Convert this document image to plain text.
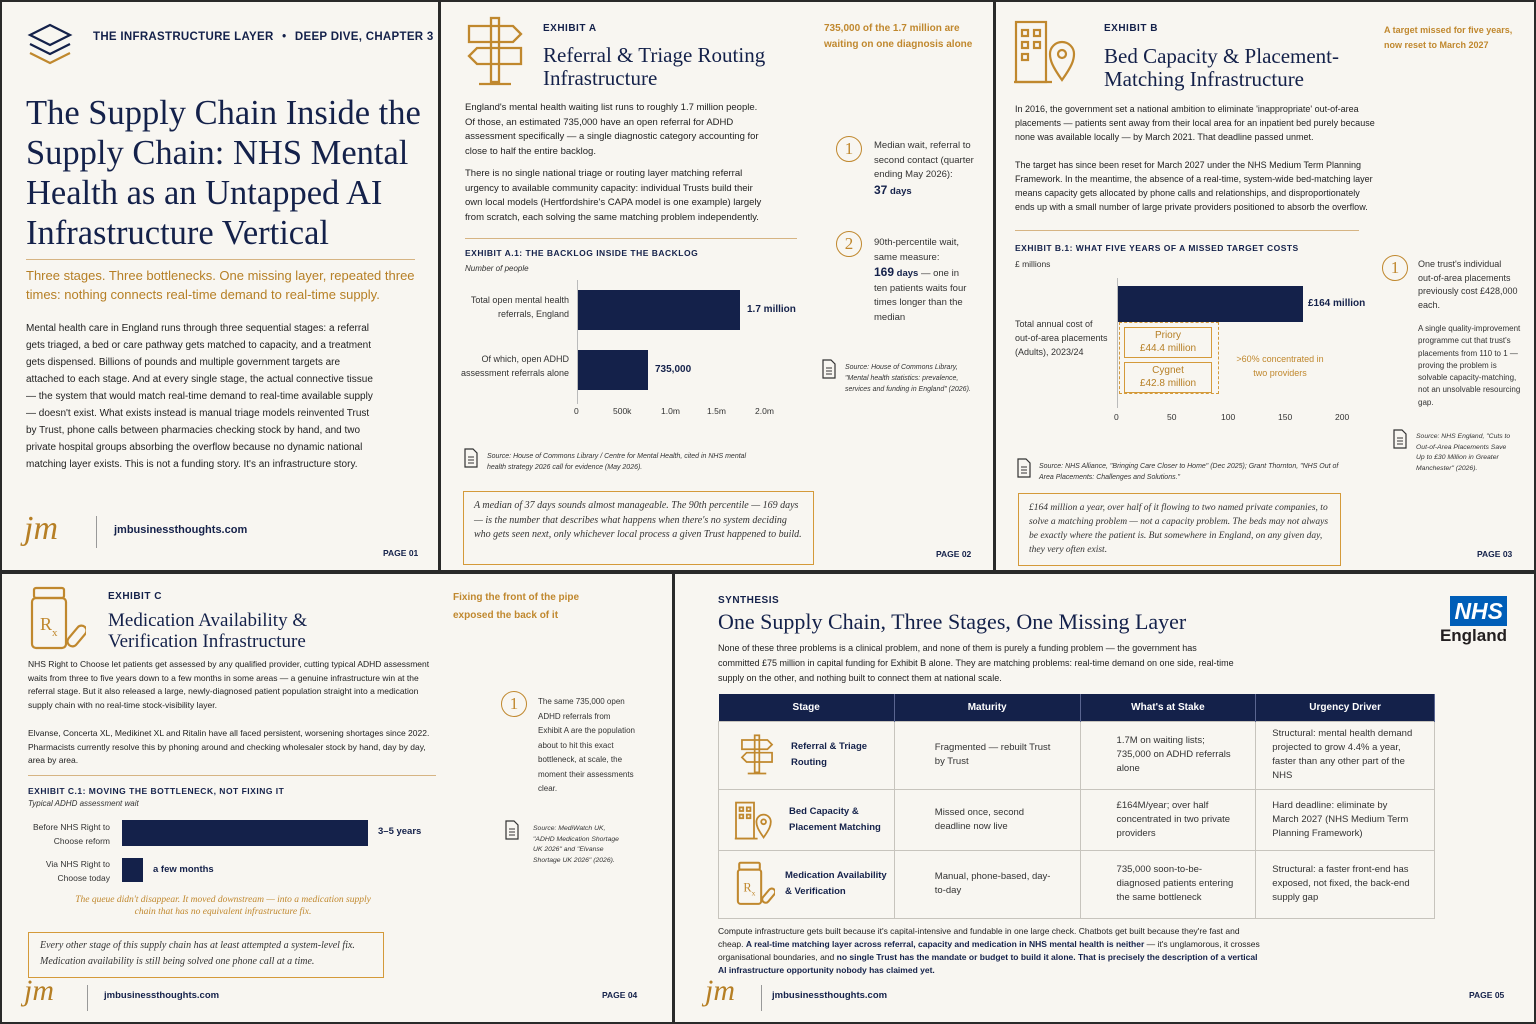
THE INFRASTRUCTURE LAYER • DEEP DIVE, CHAPTER 3
The Supply Chain Inside the Supply Chain: NHS Mental Health as an Untapped AI Infrastructure Vertical

Three stages. Three bottlenecks. One missing layer, repeated three times: nothing connects real-time demand to real-time supply.

Mental health care in England runs through three sequential stages: a referral gets triaged, a bed or care pathway gets matched to capacity, and a treatment gets dispensed. Billions of pounds and multiple government targets are attached to each stage. And at every single stage, the actual connective tissue — the system that would match real-time demand to real-time available supply — doesn't exist. What exists instead is manual triage models reinvented Trust by Trust, phone calls between pharmacies checking stock by hand, and two private hospital groups absorbing the overflow because no dynamic national matching layer exists. This is not a funding story. It's an infrastructure story.

jm	jmbusinessthoughts.com
PAGE 01
EXHIBIT A
Referral & Triage Routing Infrastructure
735,000 of the 1.7 million are waiting on one diagnosis alone

England's mental health waiting list runs to roughly 1.7 million people. Of those, an estimated 735,000 have an open referral for ADHD assessment specifically — a single diagnostic category accounting for close to half the entire backlog.

There is no single national triage or routing layer matching referral urgency to available community capacity: individual Trusts build their own local models (Hertfordshire's CAPA model is one example) largely from scratch, each solving the same matching problem independently.

EXHIBIT A.1: THE BACKLOG INSIDE THE BACKLOG
Number of people
Total open mental health referrals, England
Of which, open ADHD assessment referrals alone
1.7 million
735,000
0	500k	1.0m	1.5m	2.0m
Source: House of Commons Library / Centre for Mental Health, cited in NHS mental health strategy 2026 call for evidence (May 2026).
1	Median wait, referral to second contact (quarter ending May 2026):
37 days
2	90th-percentile wait, same measure:
169 days — one in ten patients waits four times longer than the median
Source: House of Commons Library, "Mental health statistics: prevalence, services and funding in England" (2026).
A median of 37 days sounds almost manageable. The 90th percentile — 169 days — is the number that describes what happens when there's no system deciding who gets seen next, only whichever local process a given Trust happened to build.
PAGE 02
EXHIBIT B
Bed Capacity & Placement-Matching Infrastructure
A target missed for five years, now reset to March 2027

In 2016, the government set a national ambition to eliminate 'inappropriate' out-of-area placements — patients sent away from their local area for an inpatient bed purely because none was available locally — by March 2021. That deadline passed unmet.

The target has since been reset for March 2027 under the NHS Medium Term Planning Framework. In the meantime, the absence of a real-time, system-wide bed-matching layer means capacity gets allocated by phone calls and relationships, and disproportionately ends up with a small number of large private providers positioned to absorb the overflow.

EXHIBIT B.1: WHAT FIVE YEARS OF A MISSED TARGET COSTS
£ millions
Total annual cost of out-of-area placements (Adults), 2023/24
£164 million
Priory
£44.4 million
Cygnet
£42.8 million
>60% concentrated in two providers
0	50	100	150	200
Source: NHS Alliance, "Bringing Care Closer to Home" (Dec 2025); Grant Thornton, "NHS Out of Area Placements: Challenges and Solutions."
1	One trust's individual out-of-area placements previously cost £428,000 each.
A single quality-improvement programme cut that trust's placements from 110 to 1 — proving the problem is solvable capacity-matching, not an unsolvable resourcing gap.
Source: NHS England, "Cuts to Out-of-Area Placements Save Up to £30 Million in Greater Manchester" (2026).
£164 million a year, over half of it flowing to two named private companies, to solve a matching problem — not a capacity problem. The beds may not always be exactly where the patient is. But somewhere in England, on any given day, they very often exist.	PAGE 03
R x
EXHIBIT C
Medication Availability & Verification Infrastructure
Fixing the front of the pipe exposed the back of it

NHS Right to Choose let patients get assessed by any qualified provider, cutting typical ADHD assessment waits from three to five years down to a few months in some areas — a genuine infrastructure win at the referral stage. But it also released a large, newly-diagnosed patient population straight into a medication supply chain with no real-time stock-visibility layer.

Elvanse, Concerta XL, Medikinet XL and Ritalin have all faced persistent, worsening shortages since 2022. Pharmacists currently resolve this by phoning around and checking wholesaler stock by hand, day by day, area by area.

EXHIBIT C.1: MOVING THE BOTTLENECK, NOT FIXING IT
Typical ADHD assessment wait
Before NHS Right to Choose reform
Via NHS Right to Choose today
3–5 years
a few months
The queue didn't disappear. It moved downstream — into a medication supply chain that has no equivalent infrastructure fix.
Every other stage of this supply chain has at least attempted a system-level fix. Medication availability is still being solved one phone call at a time.
1	The same 735,000 open ADHD referrals from Exhibit A are the population about to hit this exact bottleneck, at scale, the moment their assessments clear.
Source: MediWatch UK, "ADHD Medication Shortage UK 2026" and "Elvanse Shortage UK 2026" (2026).
jm	jmbusinessthoughts.com	PAGE 04
SYNTHESIS
One Supply Chain, Three Stages, One Missing Layer	NHS
England

None of these three problems is a clinical problem, and none of them is purely a funding problem — the government has committed £75 million in capital funding for Exhibit B alone. They are matching problems: real-time demand on one side, real-time supply on the other, and nothing built to connect them at national scale.

Stage	Maturity	What's at Stake	Urgency Driver

Referral & Triage Routing	Fragmented — rebuilt Trust by Trust	1.7M on waiting lists; 735,000 on ADHD referrals alone	Structural: mental health demand projected to grow 4.4% a year, faster than any other part of the NHS

Bed Capacity & Placement Matching	Missed once, second deadline now live	£164M/year; over half concentrated in two private providers	Hard deadline: eliminate by March 2027 (NHS Medium Term Planning Framework)

R x
Medication Availability & Verification	Manual, phone-based, day-to-day	735,000 soon-to-be-diagnosed patients entering the same bottleneck	Structural: a faster front-end has exposed, not fixed, the back-end supply gap

Compute infrastructure gets built because it's capital-intensive and fundable in one large check. Chatbots get built because they're fast and cheap. A real-time matching layer across referral, capacity and medication in NHS mental health is neither — it's unglamorous, it crosses organisational boundaries, and no single Trust has the mandate or budget to build it alone. That is precisely the description of a vertical AI infrastructure opportunity nobody has claimed yet.

jm	jmbusinessthoughts.com	PAGE 05
